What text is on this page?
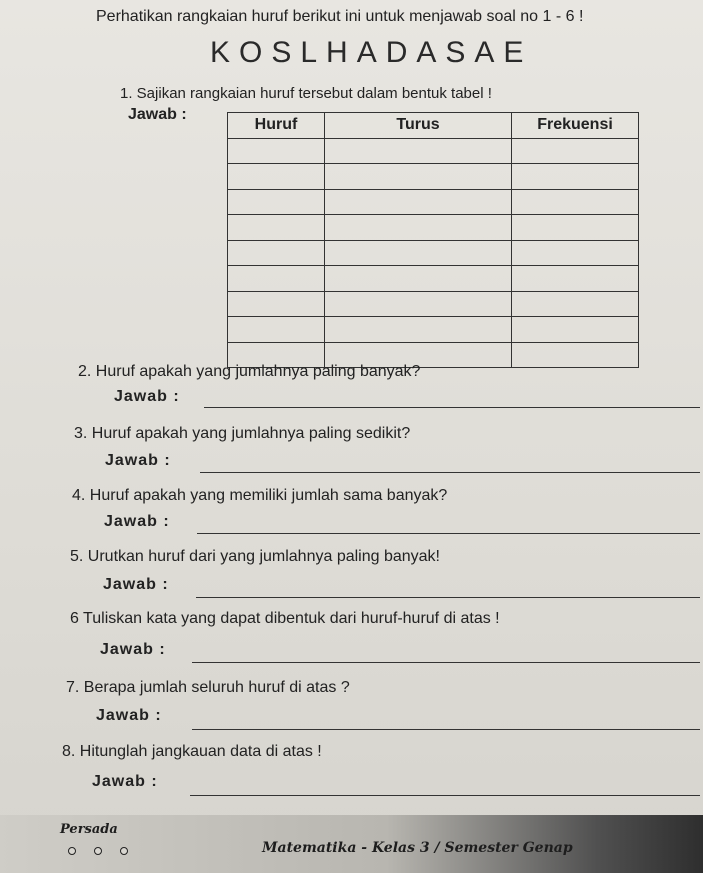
Perhatikan rangkaian huruf berikut ini untuk menjawab soal no 1 - 6 !
KOSLHADASAE
1. Sajikan rangkaian huruf tersebut dalam bentuk tabel !
Jawab :
Huruf	Turus	Frekuensi

2. Huruf apakah yang jumlahnya paling banyak?
Jawab :
3. Huruf apakah yang jumlahnya paling sedikit?
Jawab :
4. Huruf apakah yang memiliki jumlah sama banyak?
Jawab :
5. Urutkan huruf dari yang jumlahnya paling banyak!
Jawab :
6 Tuliskan kata yang dapat dibentuk dari huruf-huruf di atas !
Jawab :
7. Berapa jumlah seluruh huruf di atas ?
Jawab :
8. Hitunglah jangkauan data di atas !
Jawab :
Persada
Matematika - Kelas 3 / Semester Genap
